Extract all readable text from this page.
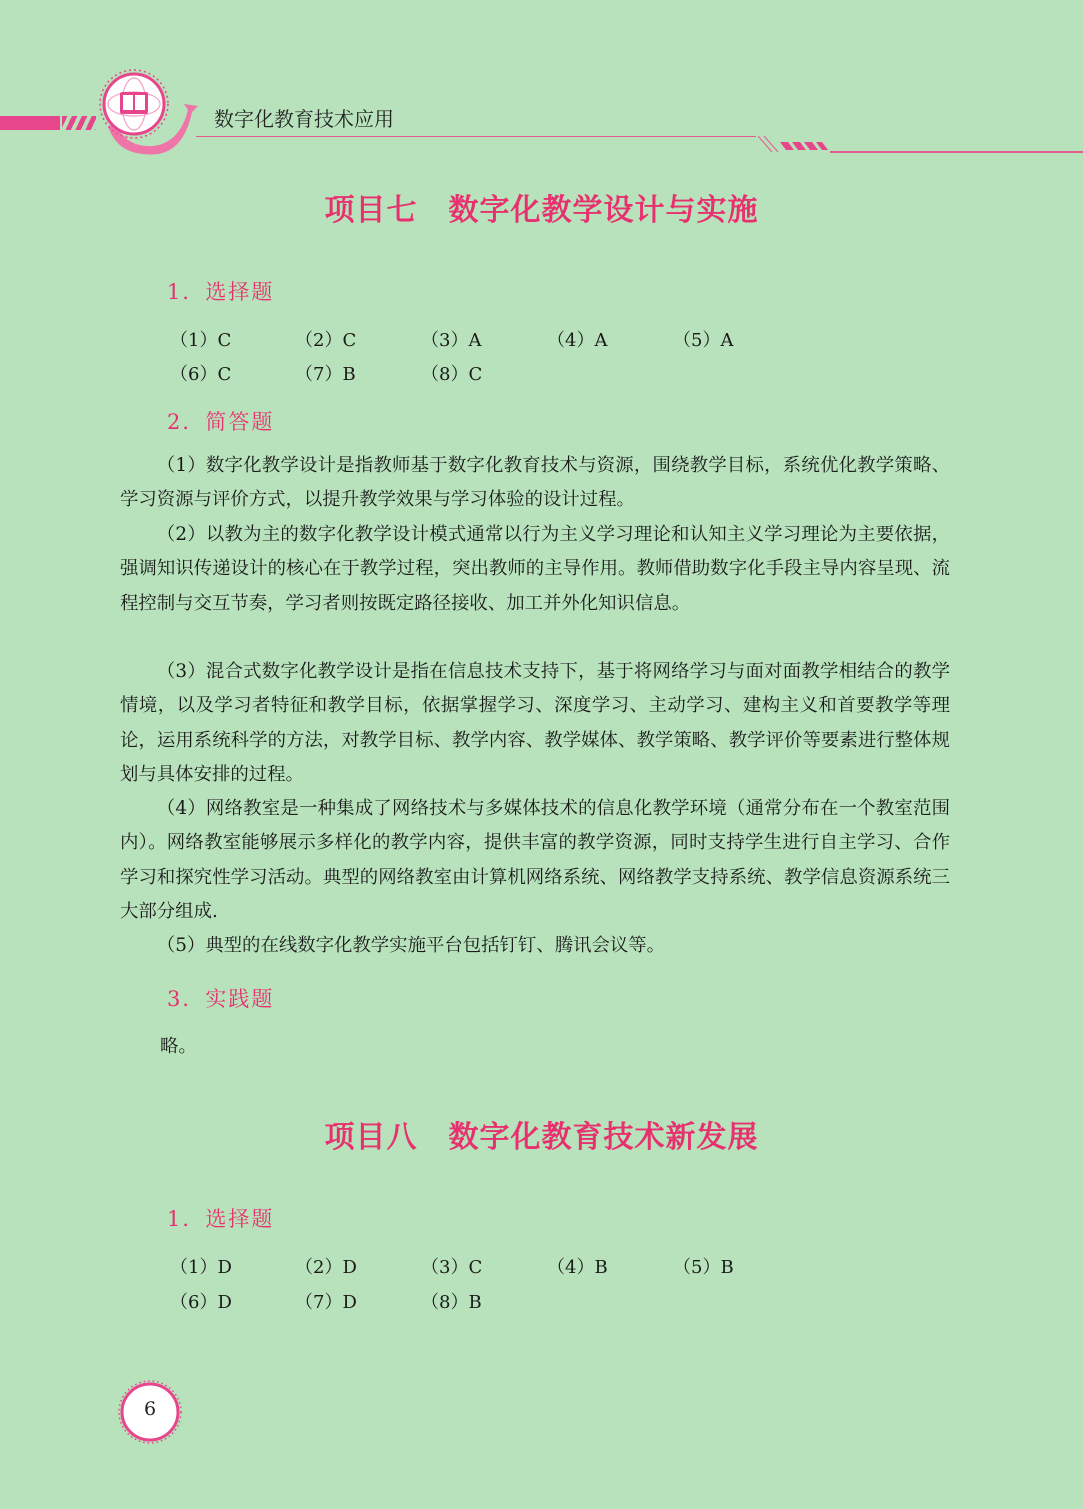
数字化教育技术应用
项目七　数字化教学设计与实施
1．选择题
（1）C	（2）C	（3）A	（4）A	（5）A
（6）C	（7）B	（8）C
2．简答题

（1）数字化教学设计是指教师基于数字化教育技术与资源，围绕教学目标，系统优化教学策略、学习资源与评价方式，以提升教学效果与学习体验的设计过程。

（2）以教为主的数字化教学设计模式通常以行为主义学习理论和认知主义学习理论为主要依据，强调知识传递设计的核心在于教学过程，突出教师的主导作用。教师借助数字化手段主导内容呈现、流程控制与交互节奏，学习者则按既定路径接收、加工并外化知识信息。

（3）混合式数字化教学设计是指在信息技术支持下，基于将网络学习与面对面教学相结合的教学情境，以及学习者特征和教学目标，依据掌握学习、深度学习、主动学习、建构主义和首要教学等理论，运用系统科学的方法，对教学目标、教学内容、教学媒体、教学策略、教学评价等要素进行整体规划与具体安排的过程。

（4）网络教室是一种集成了网络技术与多媒体技术的信息化教学环境（通常分布在一个教室范围内）。网络教室能够展示多样化的教学内容，提供丰富的教学资源，同时支持学生进行自主学习、合作学习和探究性学习活动。典型的网络教室由计算机网络系统、网络教学支持系统、教学信息资源系统三大部分组成.

（5）典型的在线数字化教学实施平台包括钉钉、腾讯会议等。

3．实践题
略。
项目八　数字化教育技术新发展
1．选择题
（1）D	（2）D	（3）C	（4）B	（5）B
（6）D	（7）D	（8）B
6
